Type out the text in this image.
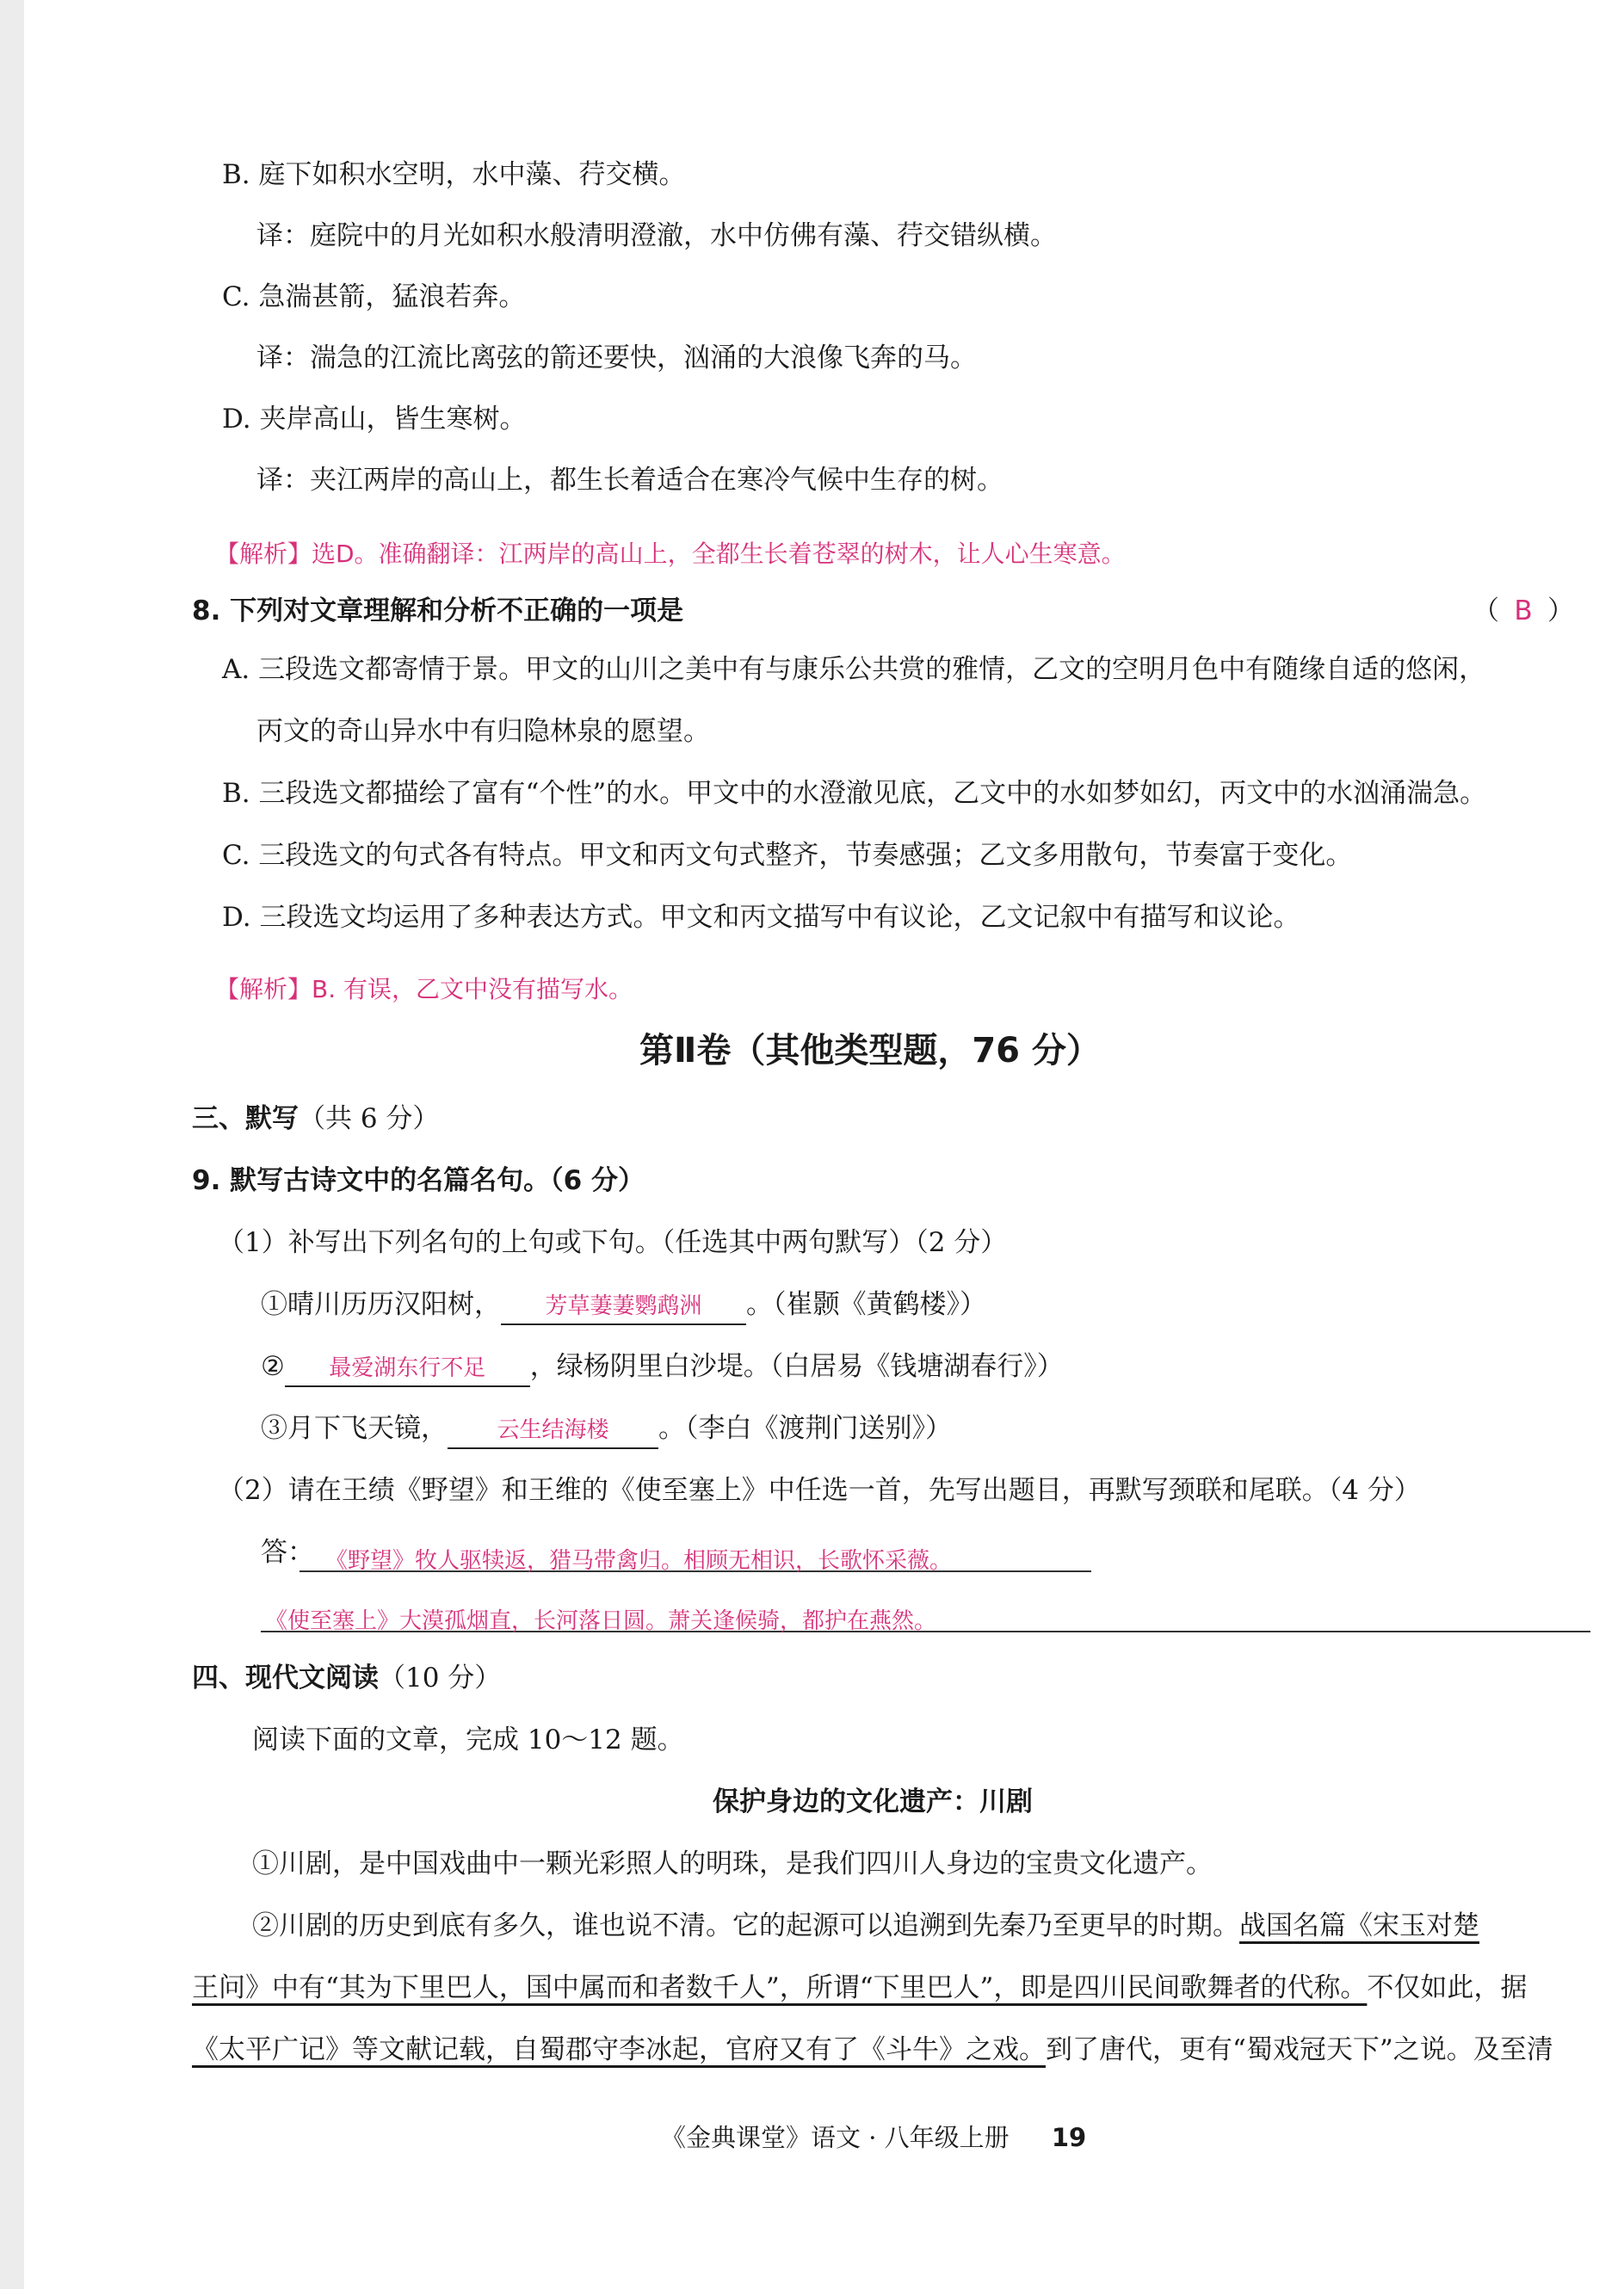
B. 庭下如积水空明，水中藻、荇交横。
译：庭院中的月光如积水般清明澄澈，水中仿佛有藻、荇交错纵横。
C. 急湍甚箭，猛浪若奔。
译：湍急的江流比离弦的箭还要快，汹涌的大浪像飞奔的马。
D. 夹岸高山，皆生寒树。
译：夹江两岸的高山上，都生长着适合在寒冷气候中生存的树。
【解析】选D。准确翻译：江两岸的高山上，全都生长着苍翠的树木，让人心生寒意。
8. 下列对文章理解和分析不正确的一项是	（ B ）
A. 三段选文都寄情于景。甲文的山川之美中有与康乐公共赏的雅情，乙文的空明月色中有随缘自适的悠闲，
丙文的奇山异水中有归隐林泉的愿望。
B. 三段选文都描绘了富有“个性”的水。甲文中的水澄澈见底，乙文中的水如梦如幻，丙文中的水汹涌湍急。
C. 三段选文的句式各有特点。甲文和丙文句式整齐，节奏感强；乙文多用散句，节奏富于变化。
D. 三段选文均运用了多种表达方式。甲文和丙文描写中有议论，乙文记叙中有描写和议论。
【解析】B. 有误，乙文中没有描写水。
第Ⅱ卷（其他类型题，76 分）
三、默写（共 6 分）
9. 默写古诗文中的名篇名句。（6 分）
（1）补写出下列名句的上句或下句。（任选其中两句默写）（2 分）
①晴川历历汉阳树， 芳草萋萋鹦鹉洲 。（崔颢《黄鹤楼》）
② 最爱湖东行不足 ，绿杨阴里白沙堤。（白居易《钱塘湖春行》）
③月下飞天镜， 云生结海楼 。（李白《渡荆门送别》）
（2）请在王绩《野望》和王维的《使至塞上》中任选一首，先写出题目，再默写颈联和尾联。（4 分）
答： 《野望》牧人驱犊返，猎马带禽归。相顾无相识，长歌怀采薇。
《使至塞上》大漠孤烟直，长河落日圆。萧关逢候骑，都护在燕然。
四、现代文阅读（10 分）
阅读下面的文章，完成 10～12 题。
保护身边的文化遗产：川剧
①川剧，是中国戏曲中一颗光彩照人的明珠，是我们四川人身边的宝贵文化遗产。
②川剧的历史到底有多久，谁也说不清。它的起源可以追溯到先秦乃至更早的时期。战国名篇《宋玉对楚
王问》中有“其为下里巴人，国中属而和者数千人”，所谓“下里巴人”，即是四川民间歌舞者的代称。不仅如此，据
《太平广记》等文献记载，自蜀郡守李冰起，官府又有了《斗牛》之戏。到了唐代，更有“蜀戏冠天下”之说。及至清
《金典课堂》语文 · 八年级上册 19
